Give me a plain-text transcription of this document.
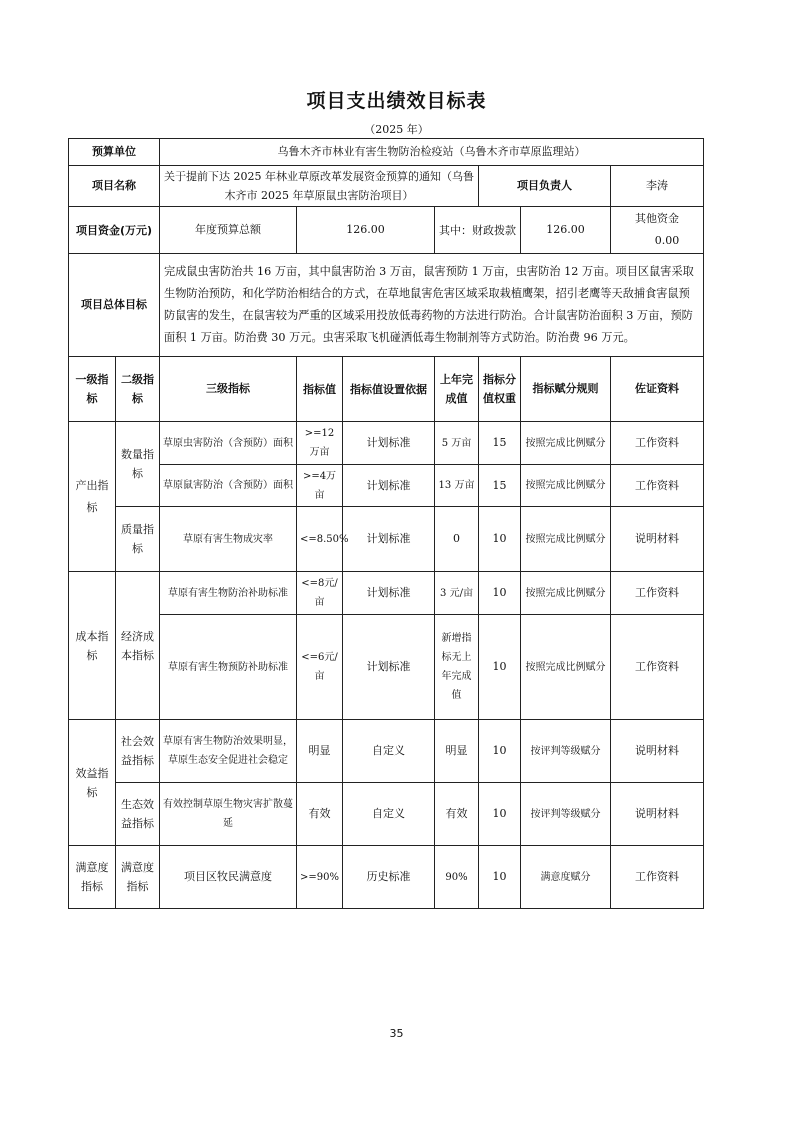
项目支出绩效目标表
（2025 年）
预算单位		乌鲁木齐市林业有害生物防治检疫站（乌鲁木齐市草原监理站）						
项目名称		关于提前下达 2025 年林业草原改革发展资金预算的通知（乌鲁木齐市 2025 年草原鼠虫害防治项目）				项目负责人		李涛
项目资金(万元)		年度预算总额	126.00		其中：财政拨款		126.00	其他资金 0.00
项目总体目标		完成鼠虫害防治共 16 万亩，其中鼠害防治 3 万亩，鼠害预防 1 万亩，虫害防治 12 万亩。项目区鼠害采取生物防治预防，和化学防治相结合的方式，在草地鼠害危害区域采取栽植鹰架，招引老鹰等天敌捕食害鼠预防鼠害的发生，在鼠害较为严重的区域采用投放低毒药物的方法进行防治。合计鼠害防治面积 3 万亩，预防面积 1 万亩。防治费 30 万元。虫害采取飞机碰洒低毒生物制剂等方式防治。防治费 96 万元。						
一级指标	二级指标	三级指标	指标值	指标值设置依据	上年完成值	指标分值权重	指标赋分规则	佐证资料
产出指标	数量指标	草原虫害防治（含预防）面积	>=12万亩	计划标准	5 万亩	15	按照完成比例赋分	工作资料
		草原鼠害防治（含预防）面积	>=4万亩	计划标准	13 万亩	15	按照完成比例赋分	工作资料
	质量指标	草原有害生物成灾率	<=8.50%	计划标准	0	10	按照完成比例赋分	说明材料
成本指标	经济成本指标	草原有害生物防治补助标准	<=8元/亩	计划标准	3 元/亩	10	按照完成比例赋分	工作资料
		草原有害生物预防补助标准	<=6元/亩	计划标准	新增指标无上年完成值	10	按照完成比例赋分	工作资料
效益指标	社会效益指标	草原有害生物防治效果明显，草原生态安全促进社会稳定	明显	自定义	明显	10	按评判等级赋分	说明材料
	生态效益指标	有效控制草原生物灾害扩散蔓延	有效	自定义	有效	10	按评判等级赋分	说明材料
满意度指标	满意度指标	项目区牧民满意度	>=90%	历史标准	90%	10	满意度赋分	工作资料
35
